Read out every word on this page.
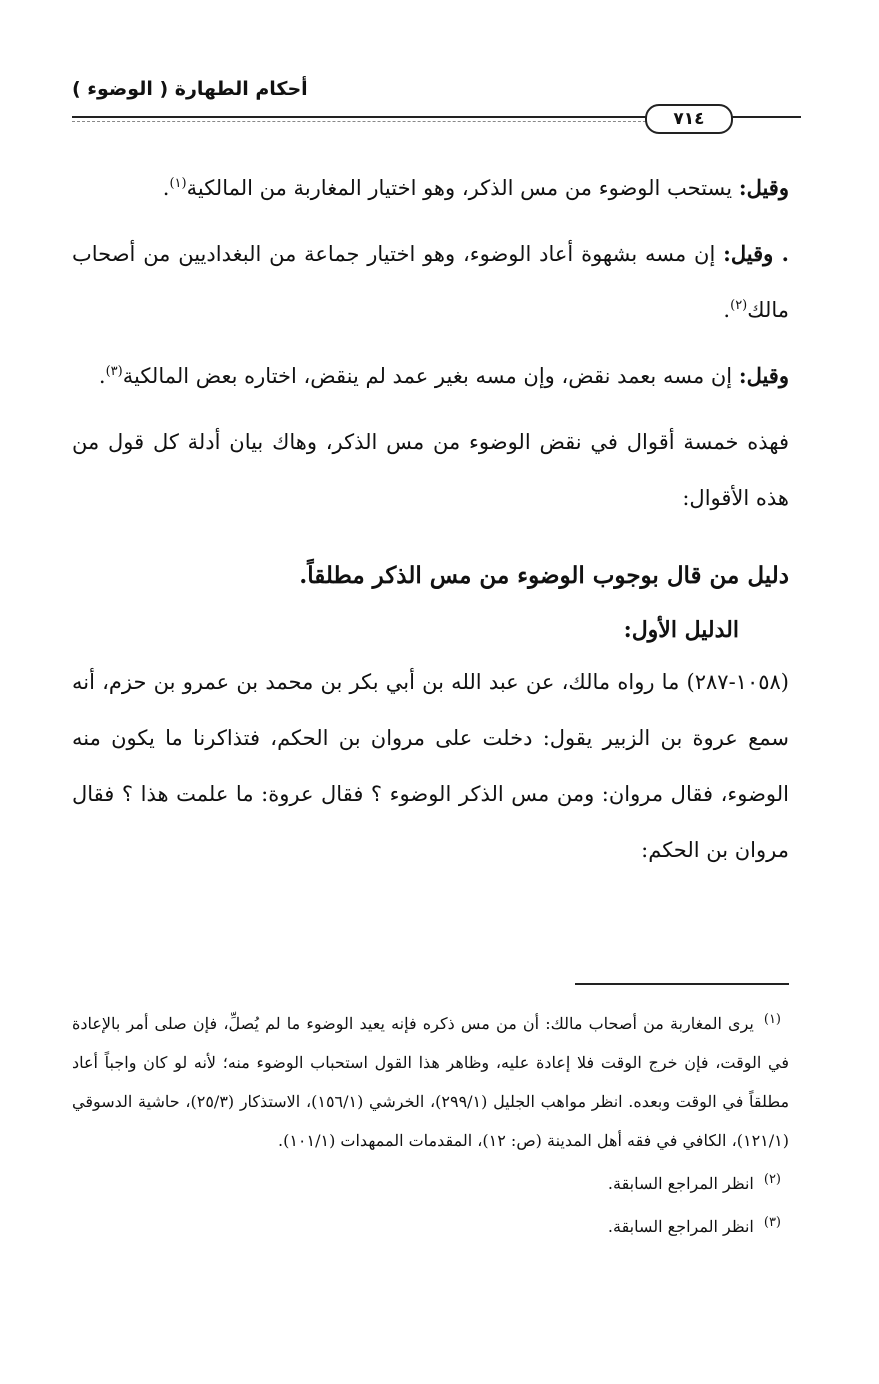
أحكام الطهارة ( الوضوء )
٧١٤

وقيل: يستحب الوضوء من مس الذكر، وهو اختيار المغاربة من المالكية$^{(١)}$.

. وقيل: إن مسه بشهوة أعاد الوضوء، وهو اختيار جماعة من البغداديين من أصحاب مالك$^{(٢)}$.

وقيل: إن مسه بعمد نقض، وإن مسه بغير عمد لم ينقض، اختاره بعض المالكية$^{(٣)}$.

فهذه خمسة أقوال في نقض الوضوء من مس الذكر، وهاك بيان أدلة كل قول من هذه الأقوال:

دليل من قال بوجوب الوضوء من مس الذكر مطلقاً.
الدليل الأول:

(١٠٥٨-٢٨٧) ما رواه مالك، عن عبد الله بن أبي بكر بن محمد بن عمرو بن حزم، أنه سمع عروة بن الزبير يقول: دخلت على مروان بن الحكم، فتذاكرنا ما يكون منه الوضوء، فقال مروان: ومن مس الذكر الوضوء ؟ فقال عروة: ما علمت هذا ؟ فقال مروان بن الحكم:

(١)يرى المغاربة من أصحاب مالك: أن من مس ذكره فإنه يعيد الوضوء ما لم يُصلِّ، فإن صلى أمر بالإعادة في الوقت، فإن خرج الوقت فلا إعادة عليه، وظاهر هذا القول استحباب الوضوء منه؛ لأنه لو كان واجباً أعاد مطلقاً في الوقت وبعده. انظر مواهب الجليل (٢٩٩/١)، الخرشي (١٥٦/١)، الاستذكار (٢٥/٣)، حاشية الدسوقي (١٢١/١)، الكافي في فقه أهل المدينة (ص: ١٢)، المقدمات الممهدات (١٠١/١).

(٢)انظر المراجع السابقة.

(٣)انظر المراجع السابقة.
